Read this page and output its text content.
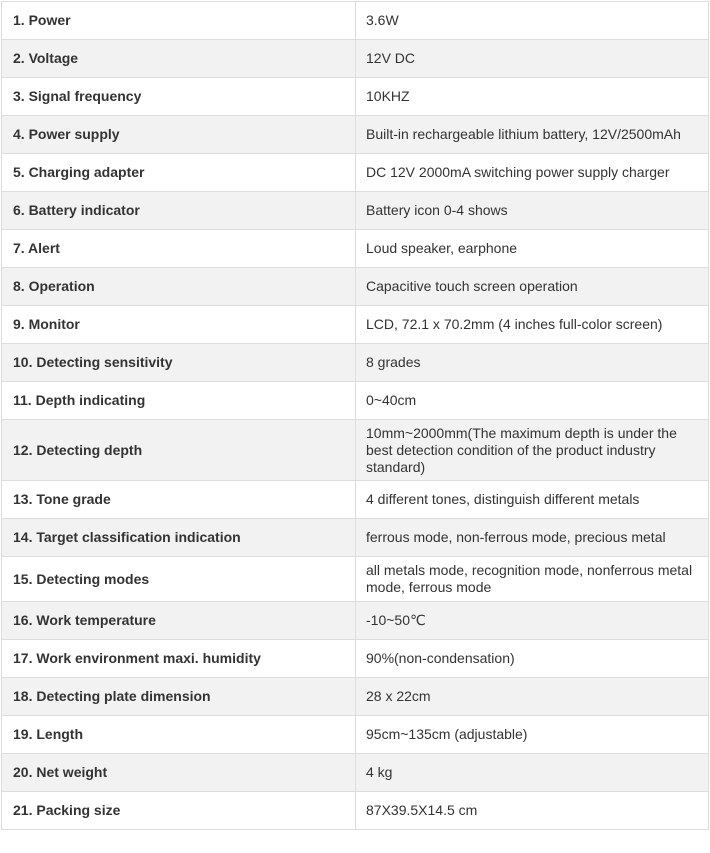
1. Power	3.6W
2. Voltage	12V DC
3. Signal frequency	10KHZ
4. Power supply	Built-in rechargeable lithium battery, 12V/2500mAh
5. Charging adapter	DC 12V 2000mA switching power supply charger
6. Battery indicator	Battery icon 0-4 shows
7. Alert	Loud speaker, earphone
8. Operation	Capacitive touch screen operation
9. Monitor	LCD, 72.1 x 70.2mm (4 inches full-color screen)
10. Detecting sensitivity	8 grades
11. Depth indicating	0~40cm
12. Detecting depth	10mm~2000mm(The maximum depth is under the best detection condition of the product industry standard)
13. Tone grade	4 different tones, distinguish different metals
14. Target classification indication	ferrous mode, non-ferrous mode, precious metal
15. Detecting modes	all metals mode, recognition mode, nonferrous metal mode, ferrous mode
16. Work temperature	-10~50℃
17. Work environment maxi. humidity	90%(non-condensation)
18. Detecting plate dimension	28 x 22cm
19. Length	95cm~135cm (adjustable)
20. Net weight	4 kg
21. Packing size	87X39.5X14.5 cm
